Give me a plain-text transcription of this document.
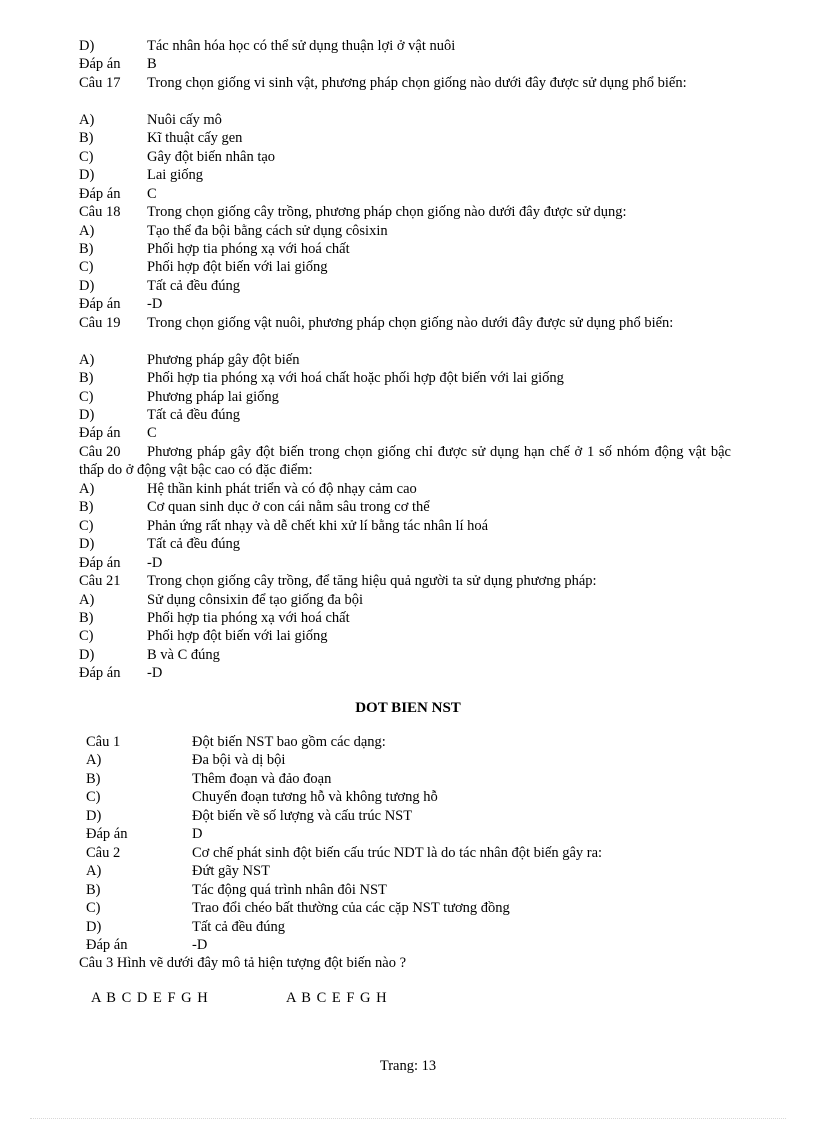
D)	Tác nhân hóa học có thể sử dụng thuận lợi ở vật nuôi
Đáp án B
Câu 17	Trong chọn giống vi sinh vật, phương pháp chọn giống nào dưới đây được sử dụng phổ biến:
A)	Nuôi cấy mô
B)	Kĩ thuật cấy gen
C)	Gây đột biến nhân tạo
D)	Lai giống
Đáp án C
Câu 18 Trong chọn giống cây trồng, phương pháp chọn giống nào dưới đây được sử dụng:
A)	Tạo thể đa bội bằng cách sử dụng côsixin
B)	Phối hợp tia phóng xạ với hoá chất
C)	Phối hợp đột biến với lai giống
D)	Tất cả đều đúng
Đáp án -D
Câu 19	Trong chọn giống vật nuôi, phương pháp chọn giống nào dưới đây được sử dụng phổ biến:
A)	Phương pháp gây đột biến
B)	Phối hợp tia phóng xạ với hoá chất hoặc phối hợp đột biến với lai giống
C)	Phương pháp lai giống
D)	Tất cả đều đúng
Đáp án C
Câu 20	Phương pháp gây đột biến trong chọn giống chỉ được sử dụng hạn chế ở 1 số nhóm động vật bậc thấp do ở động vật bậc cao có đặc điểm:
A)	Hệ thần kinh phát triển và có độ nhạy cảm cao
B)	Cơ quan sinh dục ở con cái nằm sâu trong cơ thể
C)	Phản ứng rất nhạy và dễ chết khi xử lí bằng tác nhân lí hoá
D)	Tất cả đều đúng
Đáp án -D
Câu 21 Trong chọn giống cây trồng, để tăng hiệu quả người ta sử dụng phương pháp:
A)	Sử dụng cônsixin để tạo giống đa bội
B)	Phối hợp tia phóng xạ với hoá chất
C)	Phối hợp đột biến với lai giống
D)	B và C đúng
Đáp án -D
DOT BIEN NST
Câu 1	Đột biến NST bao gồm các dạng:
A)	Đa bội và dị bội
B)	Thêm đoạn và đảo đoạn
C)	Chuyển đoạn tương hỗ và không tương hỗ
D)	Đột biến về số lượng và cấu trúc NST
Đáp án	D
Câu 2	Cơ chế phát sinh đột biến cấu trúc NDT là do tác nhân đột biến gây ra:
A)	Đứt gãy NST
B)	Tác động quá trình nhân đôi NST
C)	Trao đổi chéo bất thường của các cặp NST tương đồng
D)	Tất cả đều đúng
Đáp án	-D
Câu 3 Hình vẽ dưới đây mô tả hiện tượng đột biến nào ?
A B C D E F G H	A B C E F G H
Trang: 13
